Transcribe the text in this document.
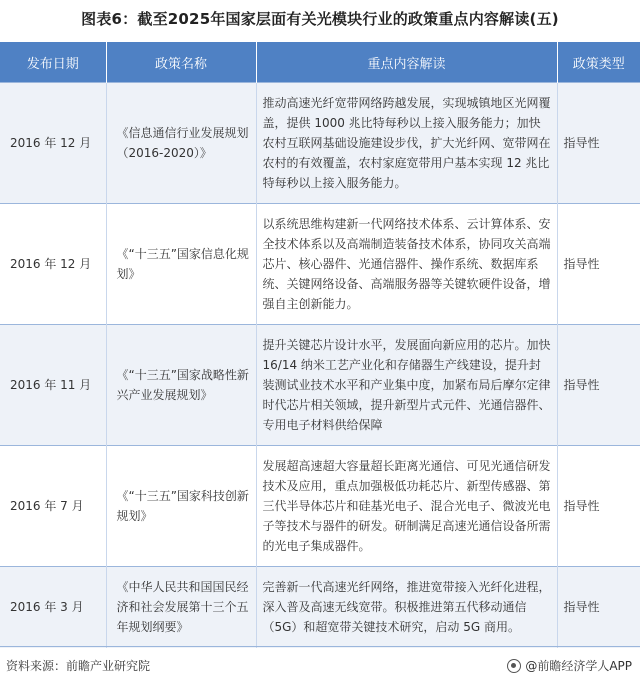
图表6：截至2025年国家层面有关光模块行业的政策重点内容解读(五)
发布日期	政策名称	重点内容解读	政策类型
2016 年 12 月	《信息通信行业发展规划（2016-2020）》	推动高速光纤宽带网络跨越发展，实现城镇地区光网覆盖，提供 1000 兆比特每秒以上接入服务能力；加快农村互联网基础设施建设步伐，扩大光纤网、宽带网在农村的有效覆盖，农村家庭宽带用户基本实现 12 兆比特每秒以上接入服务能力。	指导性
2016 年 12 月	《“十三五”国家信息化规划》	以系统思维构建新一代网络技术体系、云计算体系、安全技术体系以及高端制造装备技术体系，协同攻关高端芯片、核心器件、光通信器件、操作系统、数据库系统、关键网络设备、高端服务器等关键软硬件设备，增强自主创新能力。	指导性
2016 年 11 月	《“十三五”国家战略性新兴产业发展规划》	提升关键芯片设计水平，发展面向新应用的芯片。加快 16/14 纳米工艺产业化和存储器生产线建设，提升封装测试业技术水平和产业集中度，加紧布局后摩尔定律时代芯片相关领域，提升新型片式元件、光通信器件、专用电子材料供给保障	指导性
2016 年 7 月	《“十三五”国家科技创新规划》	发展超高速超大容量超长距离光通信、可见光通信研发技术及应用，重点加强极低功耗芯片、新型传感器、第三代半导体芯片和硅基光电子、混合光电子、微波光电子等技术与器件的研发。研制满足高速光通信设备所需的光电子集成器件。	指导性
2016 年 3 月	《中华人民共和国国民经济和社会发展第十三个五年规划纲要》	完善新一代高速光纤网络，推进宽带接入光纤化进程，深入普及高速无线宽带。积极推进第五代移动通信（5G）和超宽带关键技术研究，启动 5G 商用。	指导性
资料来源：前瞻产业研究院	@前瞻经济学人APP
